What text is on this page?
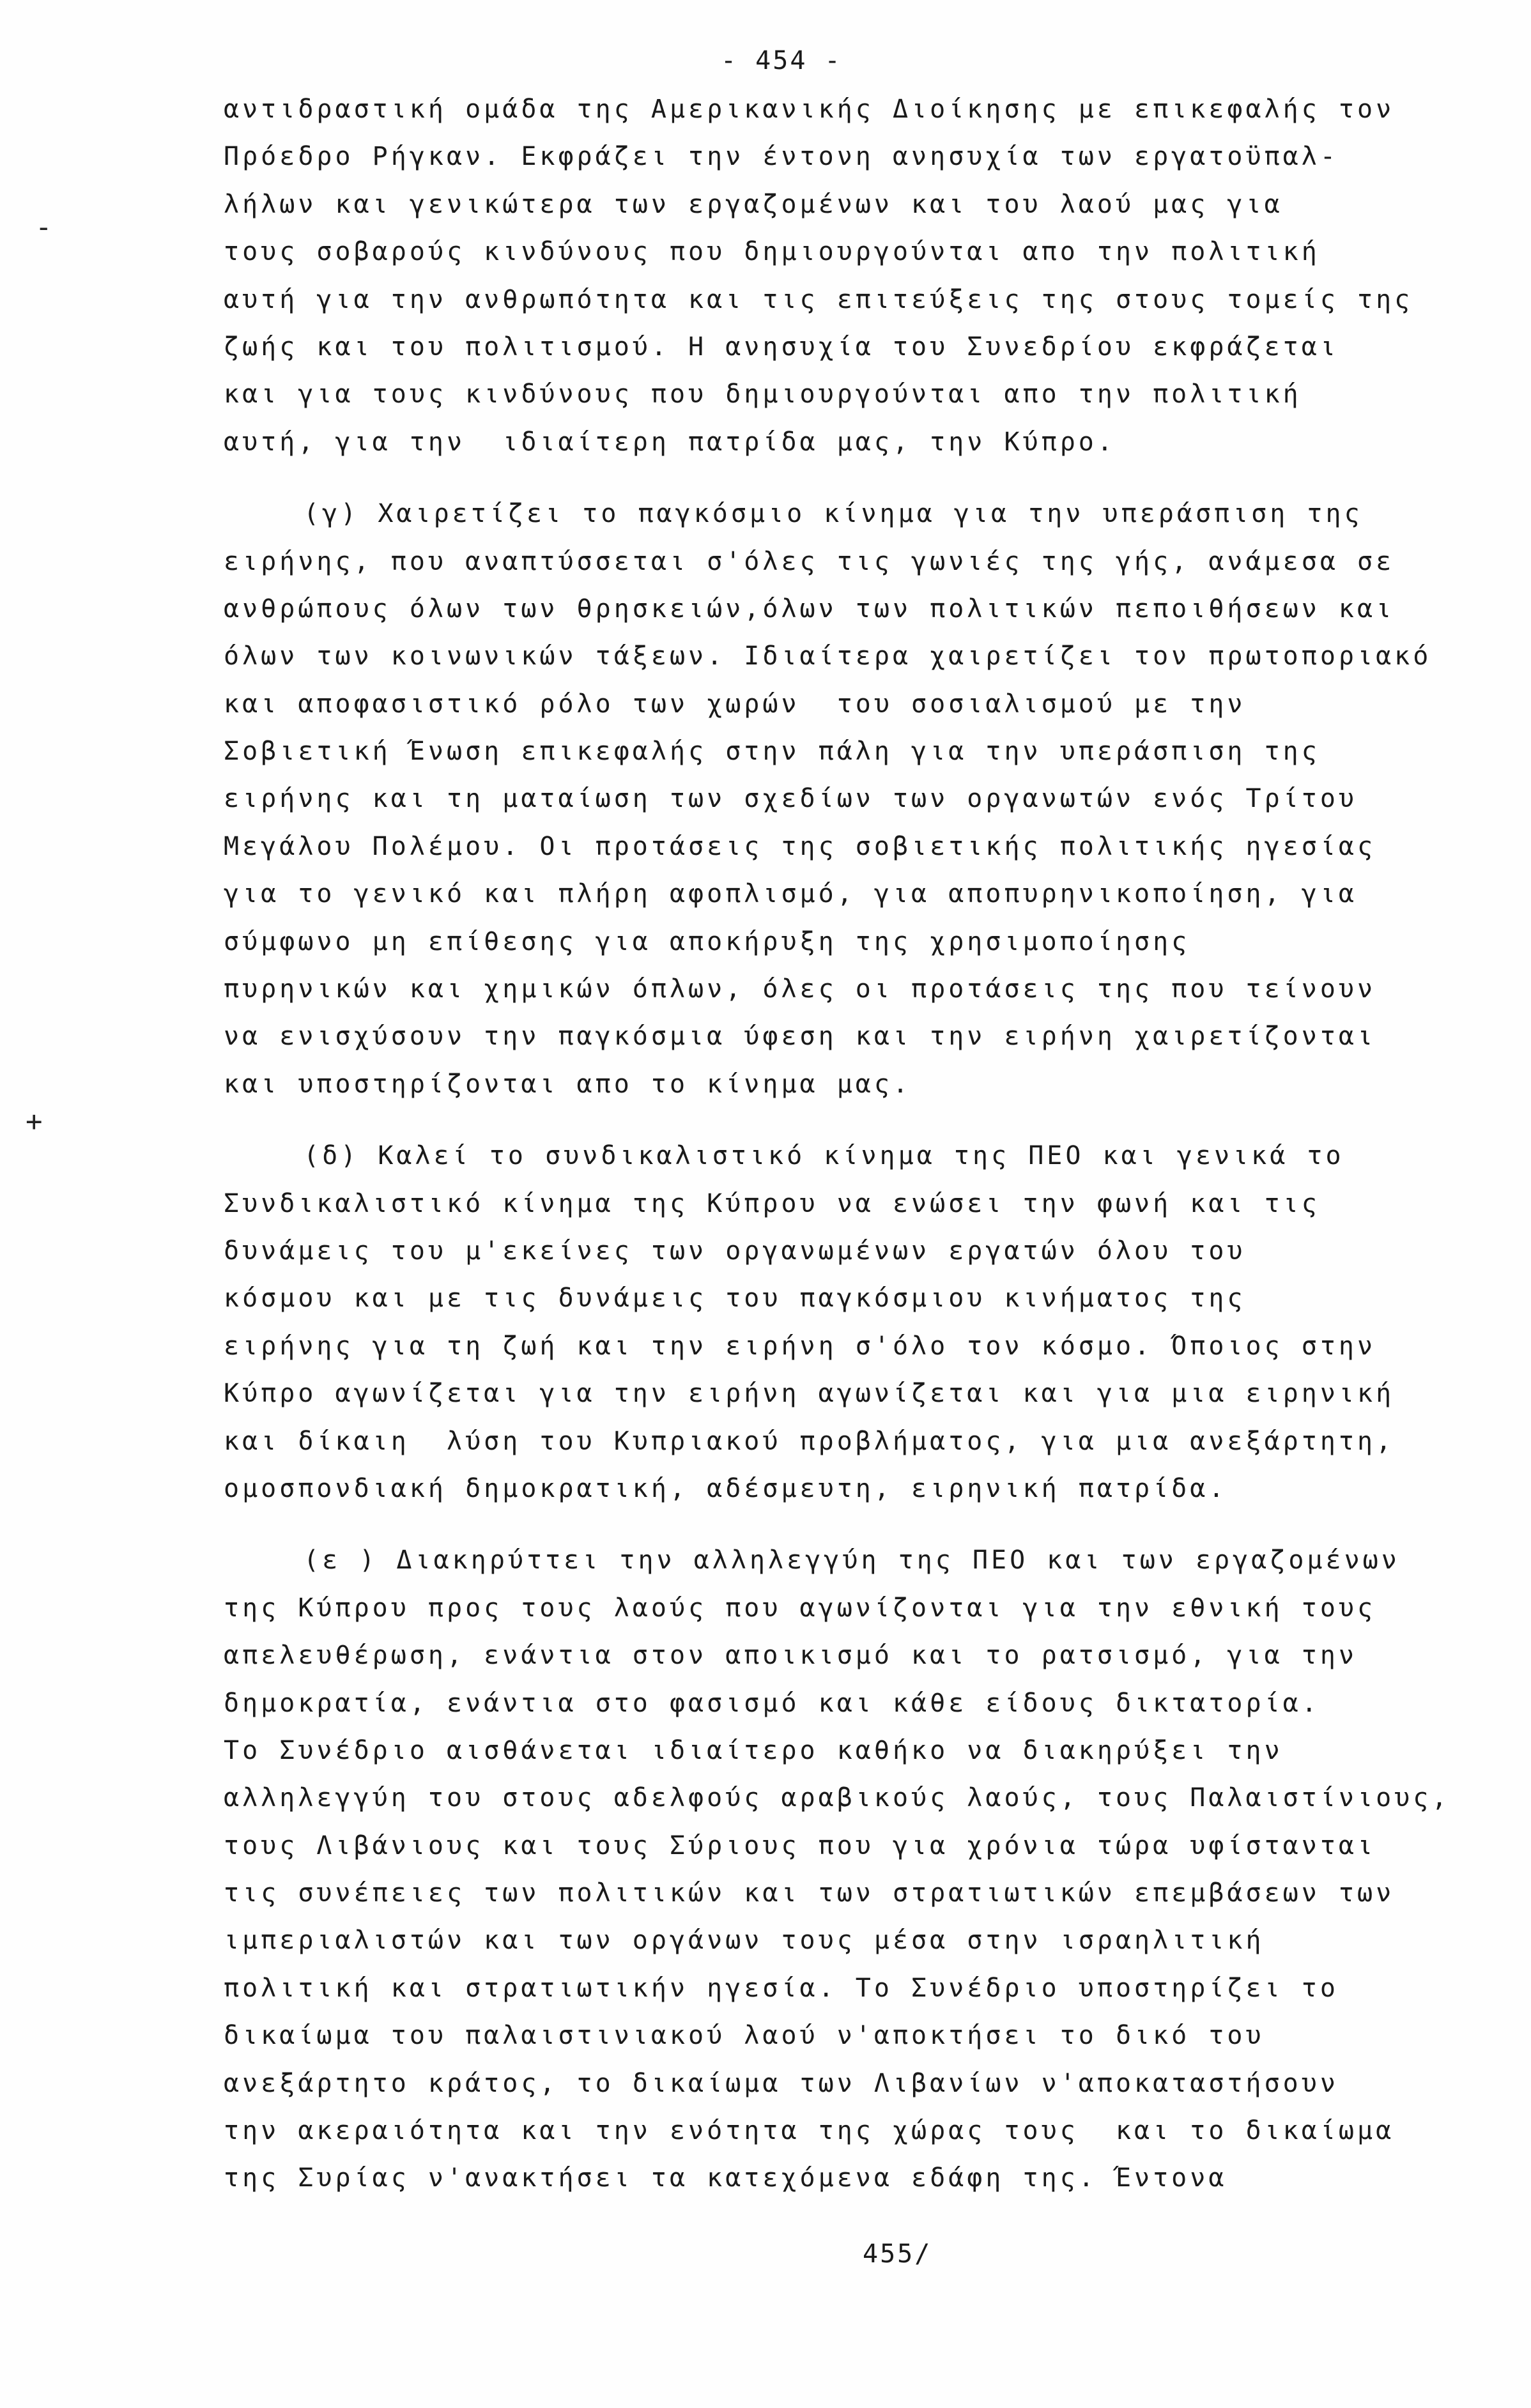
- 454 -
-
+
αντιδραστική ομάδα της Αμερικανικής Διοίκησης με επικεφαλής τον
Πρόεδρο Ρήγκαν. Εκφράζει την έντονη ανησυχία των εργατοϋπαλ-
λήλων και γενικώτερα των εργαζομένων και του λαού μας για
τους σοβαρούς κινδύνους που δημιουργούνται απο την πολιτική
αυτή για την ανθρωπότητα και τις επιτεύξεις της στους τομείς της
ζωής και του πολιτισμού. Η ανησυχία του Συνεδρίου εκφράζεται
και για τους κινδύνους που δημιουργούνται απο την πολιτική
αυτή, για την  ιδιαίτερη πατρίδα μας, την Κύπρο.
(γ) Χαιρετίζει το παγκόσμιο κίνημα για την υπεράσπιση της
ειρήνης, που αναπτύσσεται σ'όλες τις γωνιές της γής, ανάμεσα σε
ανθρώπους όλων των θρησκειών,όλων των πολιτικών πεποιθήσεων και
όλων των κοινωνικών τάξεων. Ιδιαίτερα χαιρετίζει τον πρωτοποριακό
και αποφασιστικό ρόλο των χωρών  του σοσιαλισμού με την
Σοβιετική Ένωση επικεφαλής στην πάλη για την υπεράσπιση της
ειρήνης και τη ματαίωση των σχεδίων των οργανωτών ενός Τρίτου
Μεγάλου Πολέμου. Οι προτάσεις της σοβιετικής πολιτικής ηγεσίας
για το γενικό και πλήρη αφοπλισμό, για αποπυρηνικοποίηση, για
σύμφωνο μη επίθεσης για αποκήρυξη της χρησιμοποίησης
πυρηνικών και χημικών όπλων, όλες οι προτάσεις της που τείνουν
να ενισχύσουν την παγκόσμια ύφεση και την ειρήνη χαιρετίζονται
και υποστηρίζονται απο το κίνημα μας.
(δ) Καλεί το συνδικαλιστικό κίνημα της ΠΕΟ και γενικά το
Συνδικαλιστικό κίνημα της Κύπρου να ενώσει την φωνή και τις
δυνάμεις του μ'εκείνες των οργανωμένων εργατών όλου του
κόσμου και με τις δυνάμεις του παγκόσμιου κινήματος της
ειρήνης για τη ζωή και την ειρήνη σ'όλο τον κόσμο. Όποιος στην
Κύπρο αγωνίζεται για την ειρήνη αγωνίζεται και για μια ειρηνική
και δίκαιη  λύση του Κυπριακού προβλήματος, για μια ανεξάρτητη,
ομοσπονδιακή δημοκρατική, αδέσμευτη, ειρηνική πατρίδα.
(ε ) Διακηρύττει την αλληλεγγύη της ΠΕΟ και των εργαζομένων
της Κύπρου προς τους λαούς που αγωνίζονται για την εθνική τους
απελευθέρωση, ενάντια στον αποικισμό και το ρατσισμό, για την
δημοκρατία, ενάντια στο φασισμό και κάθε είδους δικτατορία.
Το Συνέδριο αισθάνεται ιδιαίτερο καθήκο να διακηρύξει την
αλληλεγγύη του στους αδελφούς αραβικούς λαούς, τους Παλαιστίνιους,
τους Λιβάνιους και τους Σύριους που για χρόνια τώρα υφίστανται
τις συνέπειες των πολιτικών και των στρατιωτικών επεμβάσεων των
ιμπεριαλιστών και των οργάνων τους μέσα στην ισραηλιτική
πολιτική και στρατιωτικήν ηγεσία. Το Συνέδριο υποστηρίζει το
δικαίωμα του παλαιστινιακού λαού ν'αποκτήσει το δικό του
ανεξάρτητο κράτος, το δικαίωμα των Λιβανίων ν'αποκαταστήσουν
την ακεραιότητα και την ενότητα της χώρας τους  και το δικαίωμα
της Συρίας ν'ανακτήσει τα κατεχόμενα εδάφη της. Έντονα
455/
